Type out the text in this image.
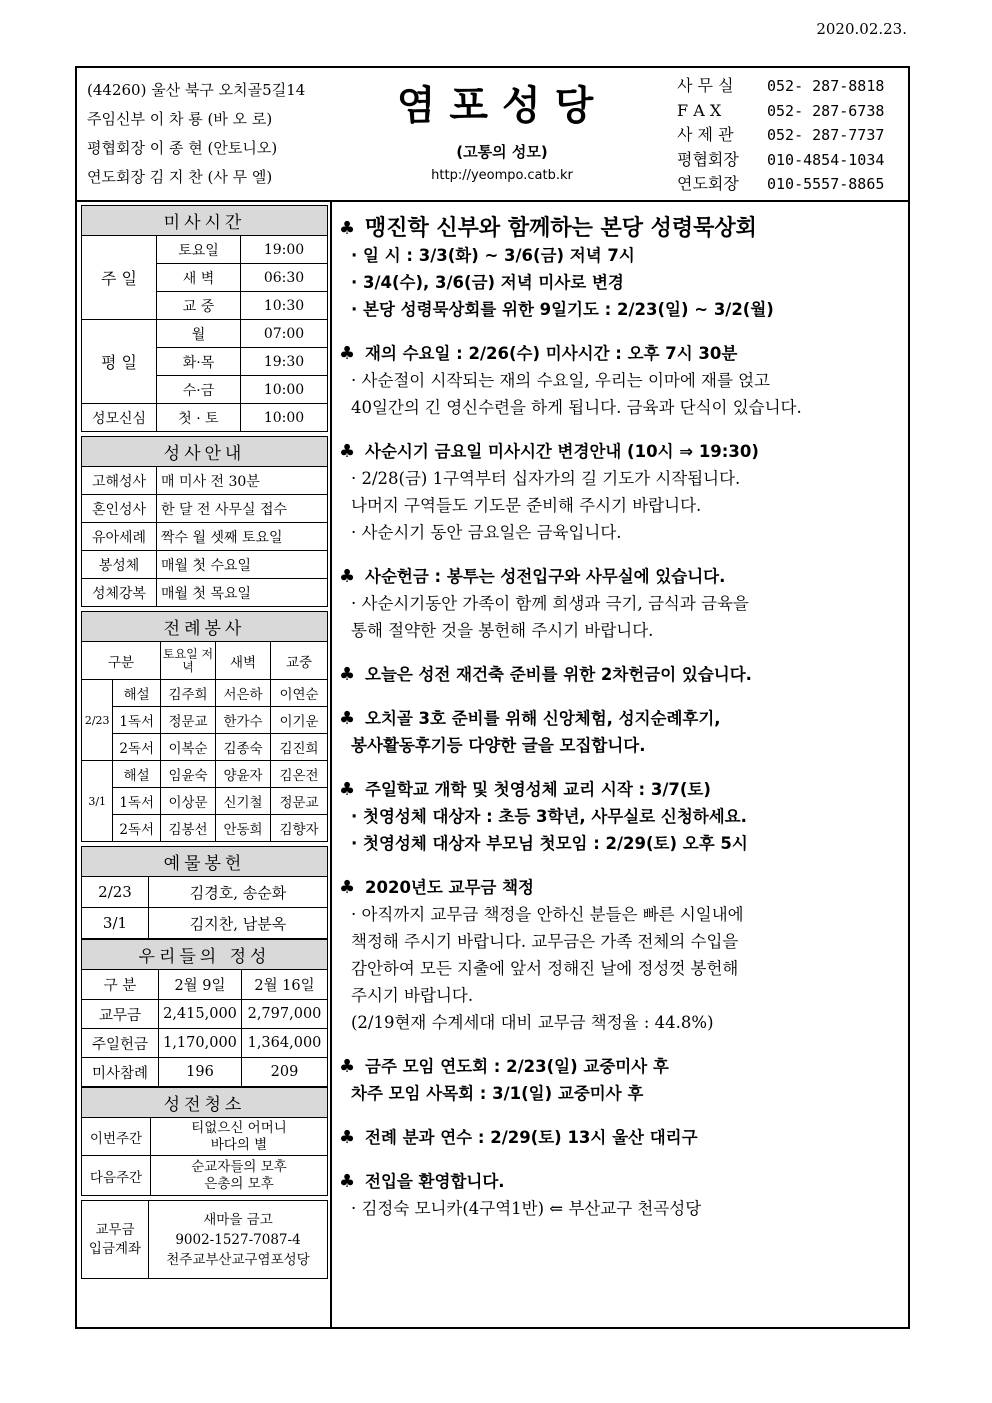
2020.02.23.
(44260) 울산 북구 오치골5길14
주임신부 이 차 룡 (바 오 로)
평협회장 이 종 현 (안토니오)
연도회장 김 지 찬 (사 무 엘)
염포성당
(고통의 성모)
http://yeompo.catb.kr
사 무 실	052- 287-8818
F A X	052- 287-6738
사 제 관	052- 287-7737
평협회장	010-4854-1034
연도회장	010-5557-8865
미사시간		
주 일	토요일	19:00
	새 벽	06:30
	교 중	10:30
평 일	월	07:00
	화·목	19:30
	수·금	10:00
성모신심	첫 · 토	10:00
성사안내	
고해성사	매 미사 전 30분
혼인성사	한 달 전 사무실 접수
유아세례	짝수 월 셋째 토요일
봉성체	매월 첫 수요일
성체강복	매월 첫 목요일
전례봉사				
구분		토요일 저녁	새벽	교중
2/23	해설	김주희	서은하	이연순
	1독서	정문교	한가수	이기운
	2독서	이복순	김종숙	김진희
3/1	해설	임윤숙	양윤자	김온전
	1독서	이상문	신기철	정문교
	2독서	김봉선	안동희	김향자
예물봉헌	
2/23	김경호, 송순화
3/1	김지찬, 남분옥
우리들의 정성		
구 분	2월 9일	2월 16일
교무금	2,415,000	2,797,000
주일헌금	1,170,000	1,364,000
미사참례	196	209
성전청소	
이번주간	티없으신 어머니
바다의 별

다음주간	순교자들의 모후
은총의 모후
교무금
입금계좌

새마을 금고
9002-1527-7087-4
천주교부산교구염포성당
♣ 맹진학 신부와 함께하는 본당 성령묵상회
· 일 시 : 3/3(화) ~ 3/6(금) 저녁 7시
· 3/4(수), 3/6(금) 저녁 미사로 변경
· 본당 성령묵상회를 위한 9일기도 : 2/23(일) ~ 3/2(월)
♣ 재의 수요일 : 2/26(수) 미사시간 : 오후 7시 30분
· 사순절이 시작되는 재의 수요일, 우리는 이마에 재를 얹고
40일간의 긴 영신수련을 하게 됩니다. 금육과 단식이 있습니다.
♣ 사순시기 금요일 미사시간 변경안내 (10시 ⇒ 19:30)
· 2/28(금) 1구역부터 십자가의 길 기도가 시작됩니다.
나머지 구역들도 기도문 준비해 주시기 바랍니다.
· 사순시기 동안 금요일은 금육입니다.
♣ 사순헌금 : 봉투는 성전입구와 사무실에 있습니다.
· 사순시기동안 가족이 함께 희생과 극기, 금식과 금육을
통해 절약한 것을 봉헌해 주시기 바랍니다.
♣ 오늘은 성전 재건축 준비를 위한 2차헌금이 있습니다.
♣ 오치골 3호 준비를 위해 신앙체험, 성지순례후기,
봉사활동후기등 다양한 글을 모집합니다.
♣ 주일학교 개학 및 첫영성체 교리 시작 : 3/7(토)
· 첫영성체 대상자 : 초등 3학년, 사무실로 신청하세요.
· 첫영성체 대상자 부모님 첫모임 : 2/29(토) 오후 5시
♣ 2020년도 교무금 책정
· 아직까지 교무금 책정을 안하신 분들은 빠른 시일내에
책정해 주시기 바랍니다. 교무금은 가족 전체의 수입을
감안하여 모든 지출에 앞서 정해진 날에 정성껏 봉헌해
주시기 바랍니다.
(2/19현재 수계세대 대비 교무금 책정율 : 44.8%)
♣ 금주 모임 연도회 : 2/23(일) 교중미사 후
차주 모임 사목회 : 3/1(일) 교중미사 후
♣ 전례 분과 연수 : 2/29(토) 13시 울산 대리구
♣ 전입을 환영합니다.
· 김정숙 모니카(4구역1반) ⇐ 부산교구 천곡성당
